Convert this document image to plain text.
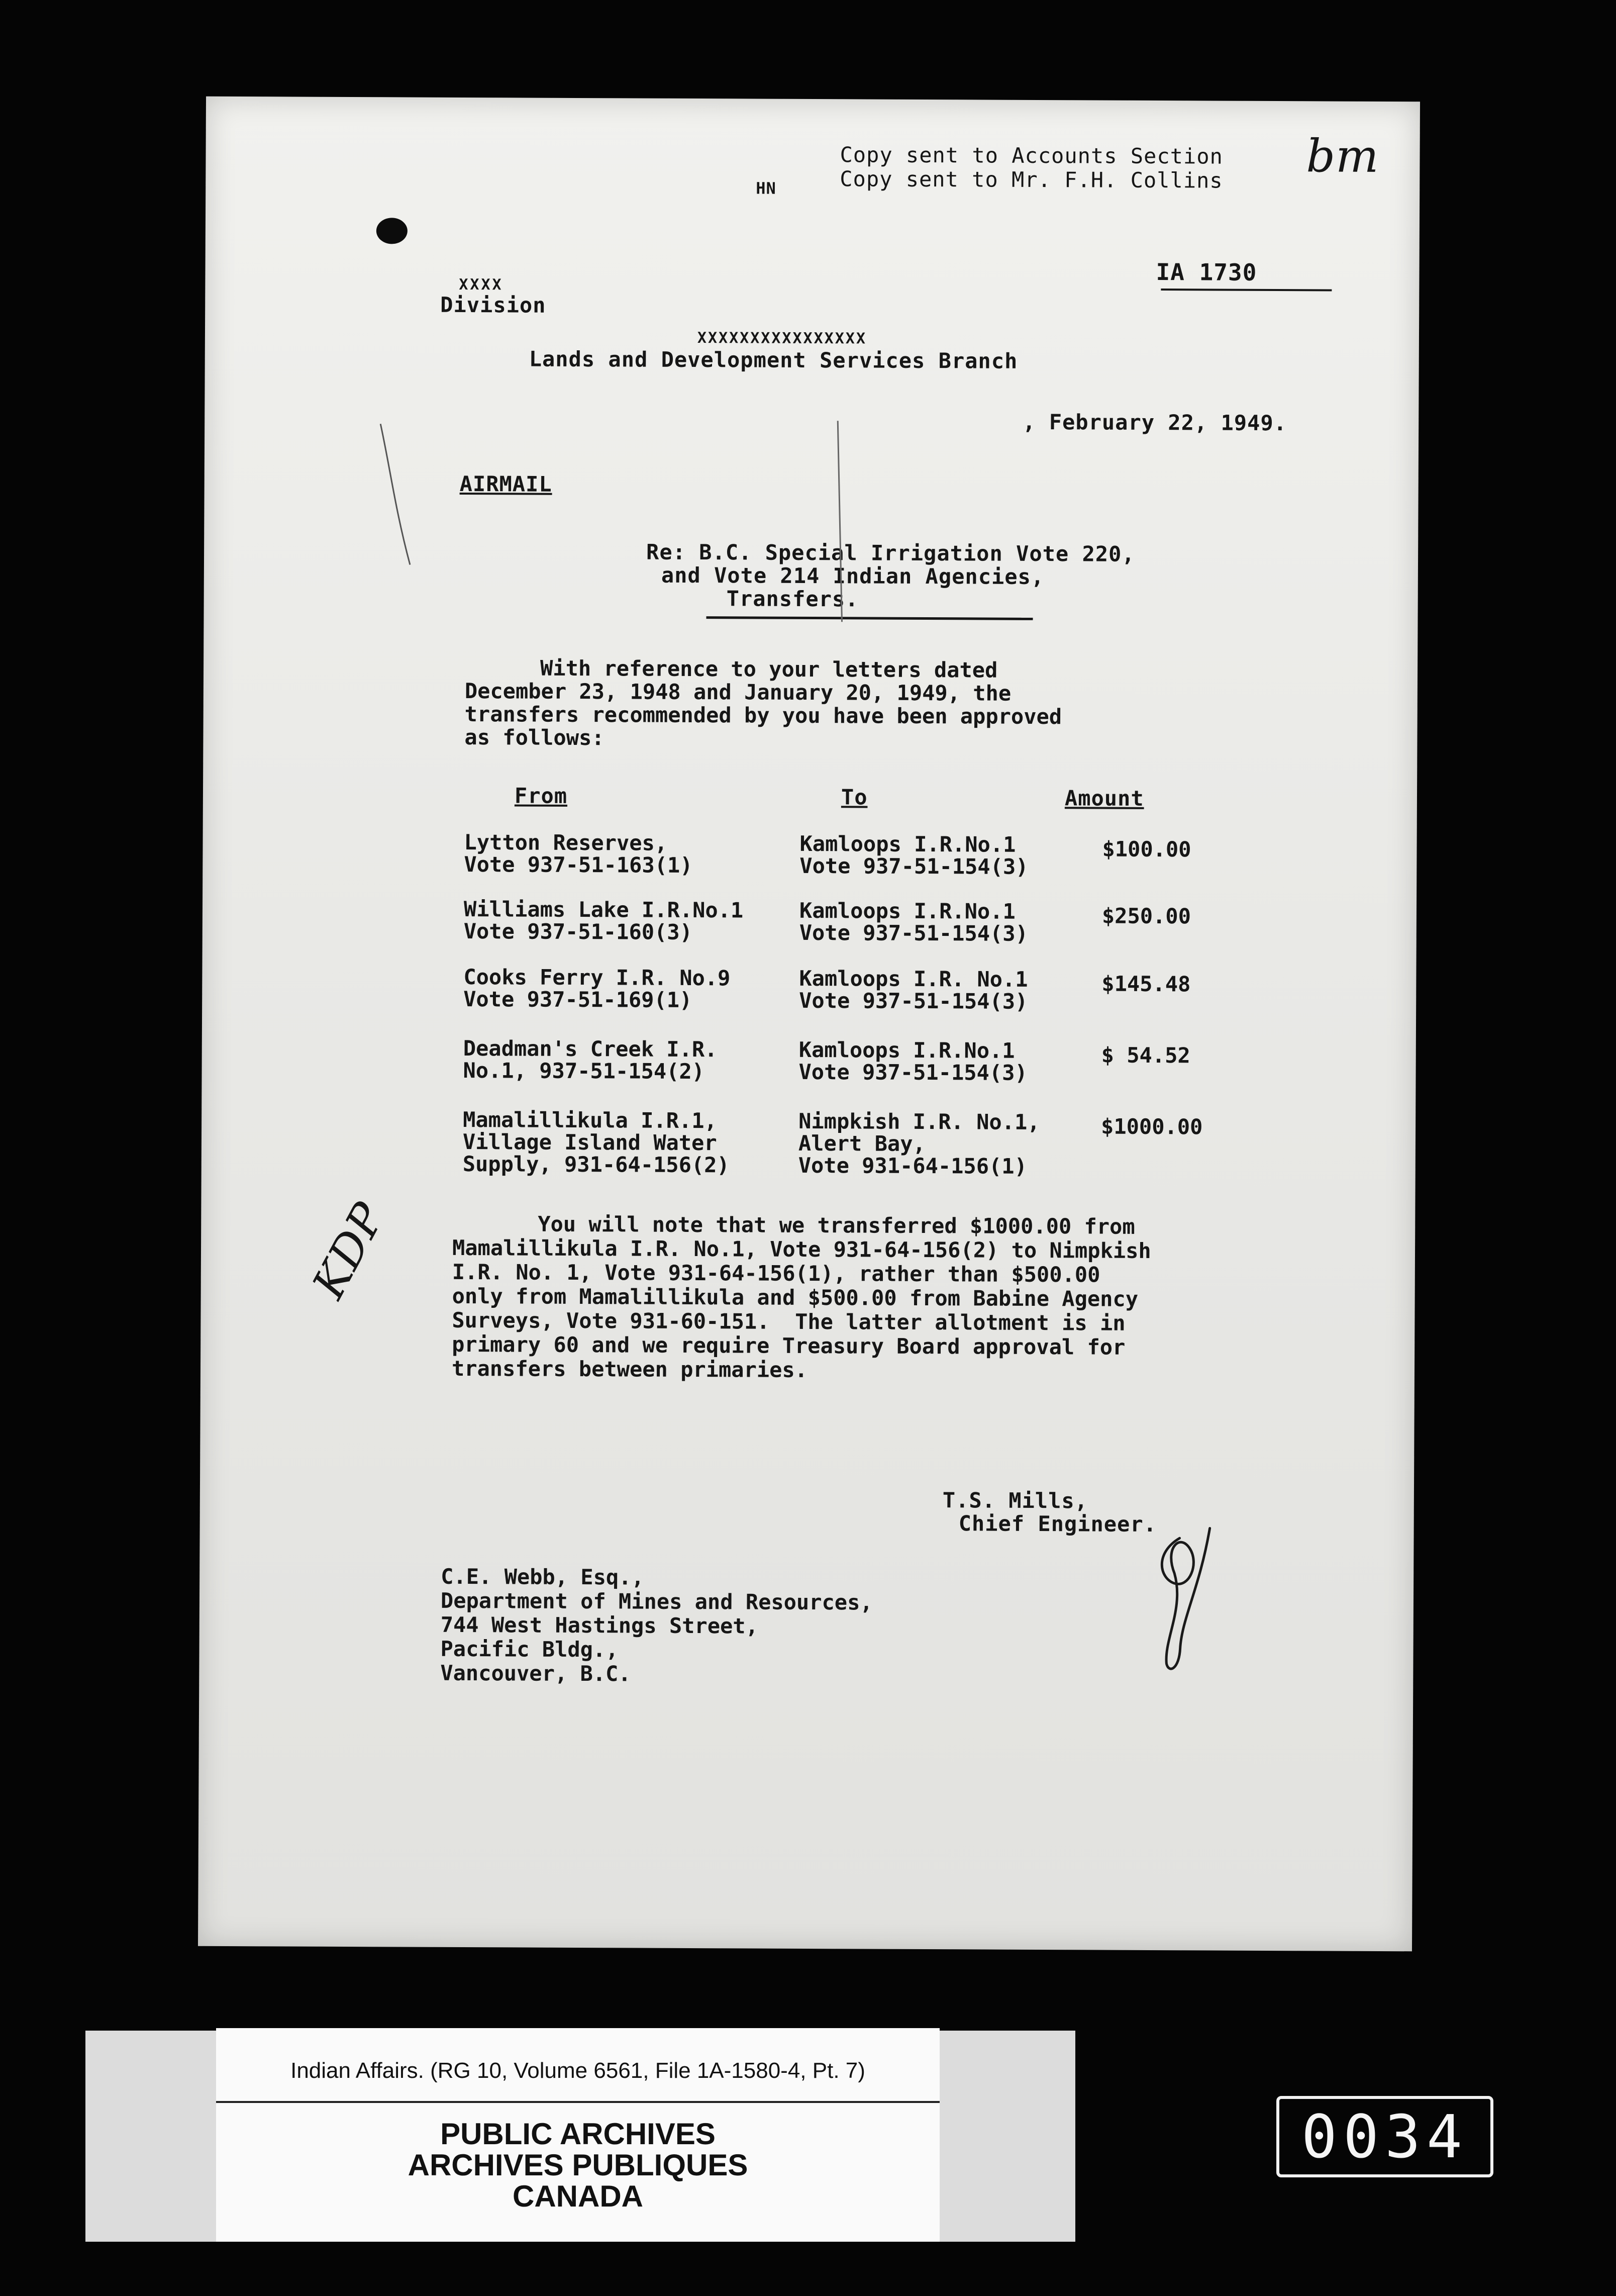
Copy sent to Accounts Section
Copy sent to Mr. F.H. Collins bm
HN
IA 1730
XXXX
Division
XXXXXXXXXXXXXXXX
Lands and Development Services Branch
, February 22, 1949.
AIRMAIL
Re: B.C. Special Irrigation Vote 220,
and Vote 214 Indian Agencies,
Transfers.
With reference to your letters dated
December 23, 1948 and January 20, 1949, the
transfers recommended by you have been approved
as follows:
From	To	Amount
Lytton Reserves,
Vote 937-51-163(1)
Kamloops I.R.No.1
Vote 937-51-154(3)
$100.00
Williams Lake I.R.No.1
Vote 937-51-160(3)
Kamloops I.R.No.1
Vote 937-51-154(3)
$250.00
Cooks Ferry I.R. No.9
Vote 937-51-169(1)
Kamloops I.R. No.1
Vote 937-51-154(3)
$145.48
Deadman's Creek I.R.
No.1, 937-51-154(2)
Kamloops I.R.No.1
Vote 937-51-154(3)
$ 54.52
Mamalillikula I.R.1,
Village Island Water
Supply, 931-64-156(2)
Nimpkish I.R. No.1,
Alert Bay,
Vote 931-64-156(1)
$1000.00
You will note that we transferred $1000.00 from
Mamalillikula I.R. No.1, Vote 931-64-156(2) to Nimpkish
I.R. No. 1, Vote 931-64-156(1), rather than $500.00
only from Mamalillikula and $500.00 from Babine Agency
Surveys, Vote 931-60-151.  The latter allotment is in
primary 60 and we require Treasury Board approval for
transfers between primaries.
KDP
T.S. Mills,
Chief Engineer.
C.E. Webb, Esq.,
Department of Mines and Resources,
744 West Hastings Street,
Pacific Bldg.,
Vancouver, B.C.
Indian Affairs. (RG 10, Volume 6561, File 1A-1580-4, Pt. 7)
PUBLIC ARCHIVES
ARCHIVES PUBLIQUES
CANADA
0034
